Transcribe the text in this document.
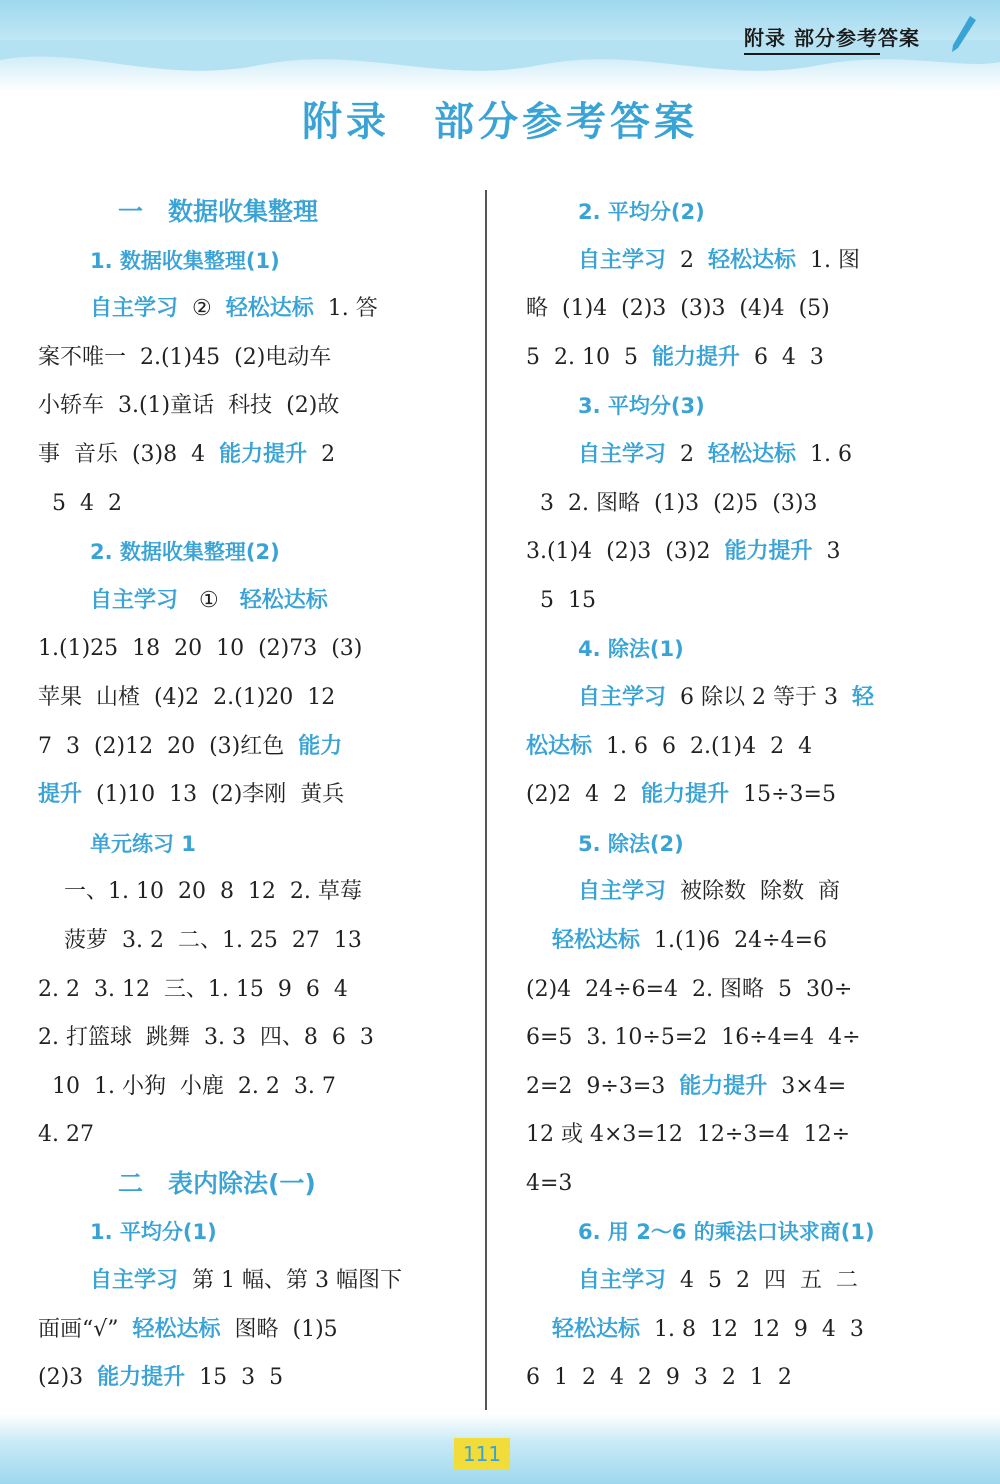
附录 部分参考答案
附录 部分参考答案
一　数据收集整理
1. 数据收集整理(1)
自主学习  ②  轻松达标  1. 答
案不唯一  2.(1)45  (2)电动车
小轿车  3.(1)童话  科技  (2)故
事  音乐  (3)8  4  能力提升  2
5  4  2
2. 数据收集整理(2)
自主学习   ①   轻松达标
1.(1)25  18  20  10  (2)73  (3)
苹果  山楂  (4)2  2.(1)20  12
7  3  (2)12  20  (3)红色  能力
提升  (1)10  13  (2)李刚  黄兵
单元练习 1
一、1. 10  20  8  12  2. 草莓
菠萝  3. 2  二、1. 25  27  13
2. 2  3. 12  三、1. 15  9  6  4
2. 打篮球  跳舞  3. 3  四、8  6  3
10  1. 小狗  小鹿  2. 2  3. 7
4. 27
二　表内除法(一)
1. 平均分(1)
自主学习  第 1 幅、第 3 幅图下
面画“√”  轻松达标  图略  (1)5
(2)3  能力提升  15  3  5
2. 平均分(2)
自主学习  2  轻松达标  1. 图
略  (1)4  (2)3  (3)3  (4)4  (5)
5  2. 10  5  能力提升  6  4  3
3. 平均分(3)
自主学习  2  轻松达标  1. 6
3  2. 图略  (1)3  (2)5  (3)3
3.(1)4  (2)3  (3)2  能力提升  3
5  15
4. 除法(1)
自主学习  6 除以 2 等于 3  轻
松达标  1. 6  6  2.(1)4  2  4
(2)2  4  2  能力提升  15÷3=5
5. 除法(2)
自主学习  被除数  除数  商
轻松达标  1.(1)6  24÷4=6
(2)4  24÷6=4  2. 图略  5  30÷
6=5  3. 10÷5=2  16÷4=4  4÷
2=2  9÷3=3  能力提升  3×4=
12 或 4×3=12  12÷3=4  12÷
4=3
6. 用 2～6 的乘法口诀求商(1)
自主学习  4  5  2  四  五  二
轻松达标  1. 8  12  12  9  4  3
6  1  2  4  2  9  3  2  1  2
111
